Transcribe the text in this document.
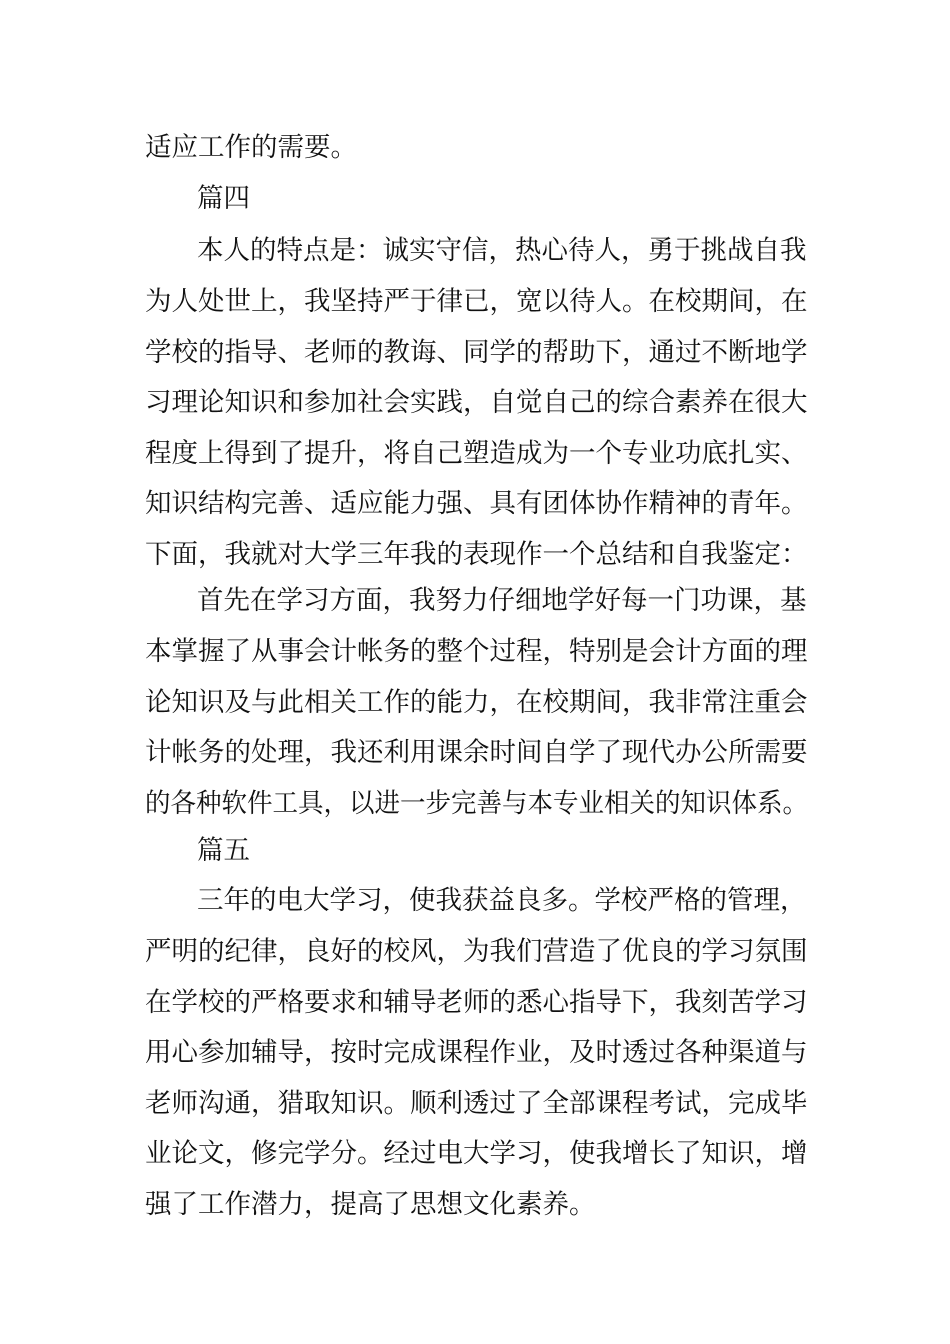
适应工作的需要。
篇四
本人的特点是：诚实守信，热心待人，勇于挑战自我
为人处世上，我坚持严于律已，宽以待人。在校期间，在
学校的指导、老师的教诲、同学的帮助下，通过不断地学
习理论知识和参加社会实践，自觉自己的综合素养在很大
程度上得到了提升，将自己塑造成为一个专业功底扎实、
知识结构完善、适应能力强、具有团体协作精神的青年。
下面，我就对大学三年我的表现作一个总结和自我鉴定：
首先在学习方面，我努力仔细地学好每一门功课，基
本掌握了从事会计帐务的整个过程，特别是会计方面的理
论知识及与此相关工作的能力，在校期间，我非常注重会
计帐务的处理，我还利用课余时间自学了现代办公所需要
的各种软件工具，以进一步完善与本专业相关的知识体系。
篇五
三年的电大学习，使我获益良多。学校严格的管理，
严明的纪律，良好的校风，为我们营造了优良的学习氛围
在学校的严格要求和辅导老师的悉心指导下，我刻苦学习
用心参加辅导，按时完成课程作业，及时透过各种渠道与
老师沟通，猎取知识。顺利透过了全部课程考试，完成毕
业论文，修完学分。经过电大学习，使我增长了知识，增
强了工作潜力，提高了思想文化素养。
